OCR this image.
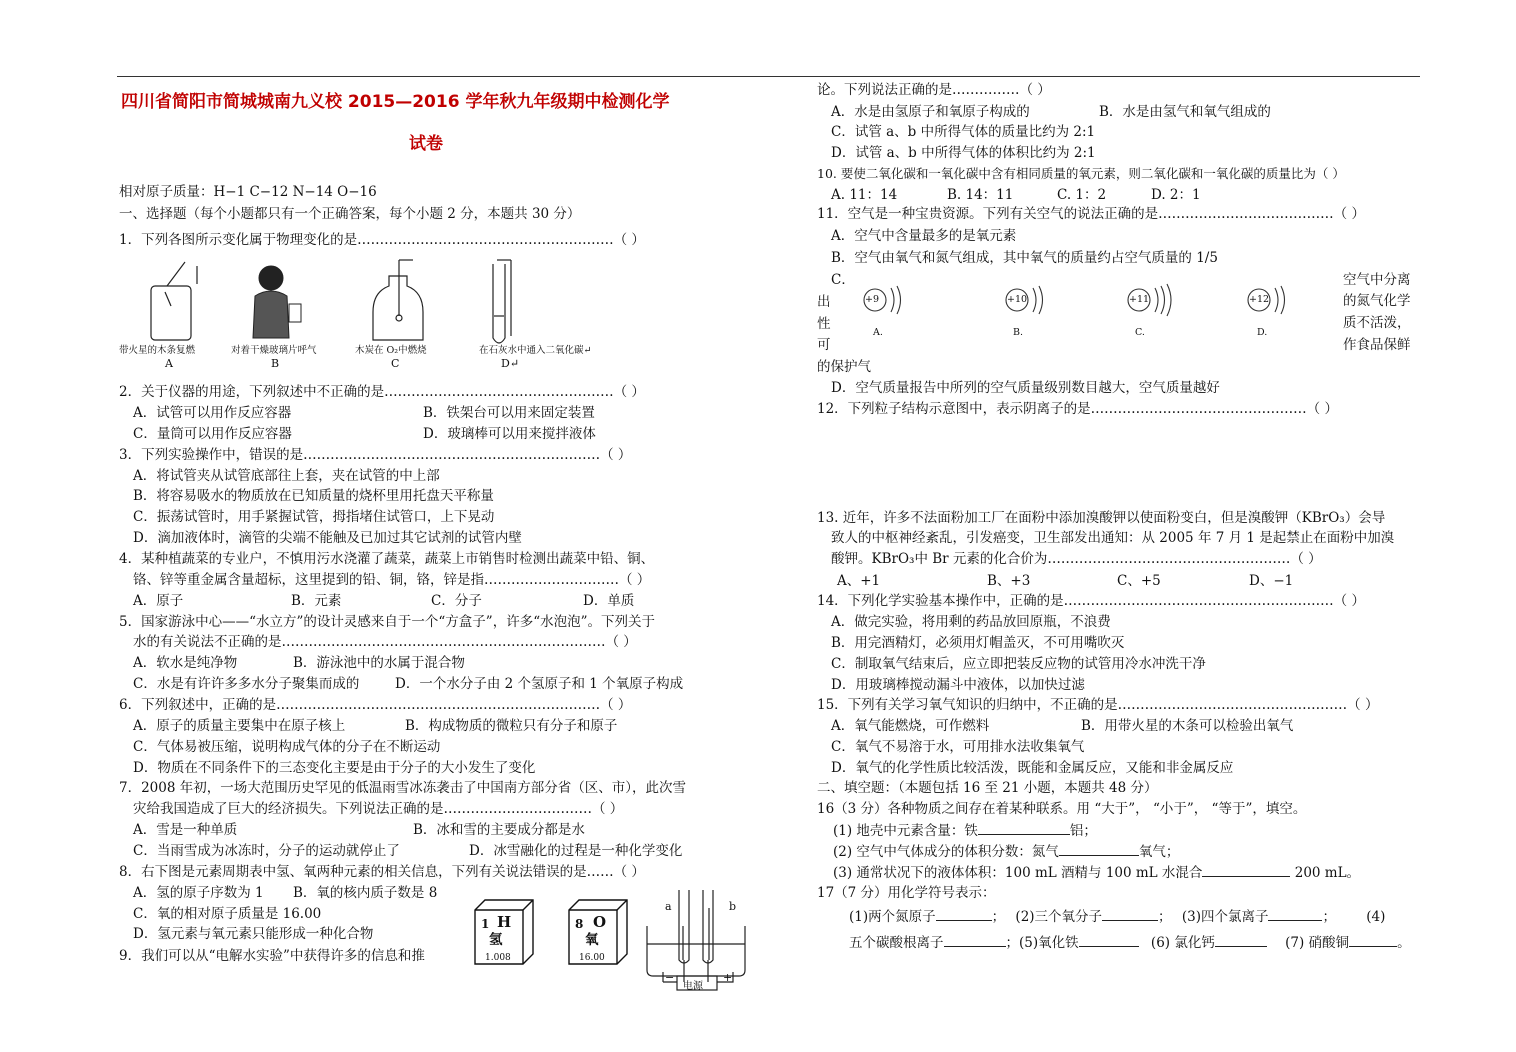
四川省简阳市简城城南九义校 2015—2016 学年秋九年级期中检测化学
试卷
相对原子质量：H−1 C−12 N−14 O−16
一、选择题（每个小题都只有一个正确答案，每个小题 2 分，本题共 30 分）
1．下列各图所示变化属于物理变化的是…………………………………………………（ ）
带火星的木条复燃	对着干燥玻璃片呼气	木炭在 O₂中燃烧	在石灰水中通入二氧化碳↵
A	B	C	D↵
2．关于仪器的用途，下列叙述中不正确的是……………………………………………（ ）
A．试管可以用作反应容器	B．铁架台可以用来固定装置
C．量筒可以用作反应容器	D．玻璃棒可以用来搅拌液体
3．下列实验操作中，错误的是…………………………………………………………（ ）
A．将试管夹从试管底部往上套，夹在试管的中上部
B．将容易吸水的物质放在已知质量的烧杯里用托盘天平称量
C．振荡试管时，用手紧握试管，拇指堵住试管口，上下晃动
D．滴加液体时，滴管的尖端不能触及已加过其它试剂的试管内壁
4．某种植蔬菜的专业户，不慎用污水浇灌了蔬菜，蔬菜上市销售时检测出蔬菜中铅、铜、
铬、锌等重金属含量超标，这里提到的铅、铜，铬，锌是指…………………………（ ）
A．原子	B．元素	C．分子	D．单质
5．国家游泳中心——“水立方”的设计灵感来自于一个“方盒子”，许多“水泡泡”。下列关于
水的有关说法不正确的是………………………………………………………………（ ）
A．软水是纯净物	B．游泳池中的水属于混合物
C．水是有许许多多水分子聚集而成的	D．一个水分子由 2 个氢原子和 1 个氧原子构成
6．下列叙述中，正确的是………………………………………………………………（ ）
A．原子的质量主要集中在原子核上	B．构成物质的微粒只有分子和原子
C．气体易被压缩，说明构成气体的分子在不断运动
D．物质在不同条件下的三态变化主要是由于分子的大小发生了变化
7．2008 年初，一场大范围历史罕见的低温雨雪冰冻袭击了中国南方部分省（区、市），此次雪
灾给我国造成了巨大的经济损失。下列说法正确的是……………………………（ ）
A．雪是一种单质	B．冰和雪的主要成分都是水
C．当雨雪成为冰冻时，分子的运动就停止了	D．冰雪融化的过程是一种化学变化
8．右下图是元素周期表中氢、氧两种元素的相关信息，下列有关说法错误的是……（ ）
A．氢的原子序数为 1 B．氧的核内质子数是 8
C．氧的相对原子质量是 16.00
D．氢元素与氧元素只能形成一种化合物
9．我们可以从“电解水实验”中获得许多的信息和推
1 H
氢
1.008
8 O
氧
16.00
a	b
电源
−	+
论。下列说法正确的是……………（ ）
A．水是由氢原子和氧原子构成的	B．水是由氢气和氧气组成的
C．试管 a、b 中所得气体的质量比约为 2:1
D．试管 a、b 中所得气体的体积比约为 2:1
10. 要使二氧化碳和一氧化碳中含有相同质量的氧元素，则二氧化碳和一氧化碳的质量比为（ ）
A. 11：14	B. 14：11	C. 1：2	D. 2：1
11．空气是一种宝贵资源。下列有关空气的说法正确的是…………………………………（ ）
A．空气中含量最多的是氧元素
B．空气由氧气和氮气组成，其中氧气的质量约占空气质量的 1/5
C．	空气中分离
的氮气化学
质不活泼，
作食品保鲜
出
性
可
的保护气
+9	+10	+11	+12
A.	B.	C.	D.
D．空气质量报告中所列的空气质量级别数目越大，空气质量越好
12．下列粒子结构示意图中，表示阴离子的是…………………………………………（ ）
13. 近年，许多不法面粉加工厂在面粉中添加溴酸钾以使面粉变白，但是溴酸钾（KBrO₃）会导
致人的中枢神经紊乱，引发癌变，卫生部发出通知：从 2005 年 7 月 1 是起禁止在面粉中加溴
酸钾。KBrO₃中 Br 元素的化合价为………………………………………………（ ）
A、+1	B、+3	C、+5	D、−1
14．下列化学实验基本操作中，正确的是……………………………………………………（ ）
A．做完实验，将用剩的药品放回原瓶，不浪费
B．用完酒精灯，必须用灯帽盖灭，不可用嘴吹灭
C．制取氧气结束后，应立即把装反应物的试管用冷水冲洗干净
D．用玻璃棒搅动漏斗中液体，以加快过滤
15．下列有关学习氧气知识的归纳中，不正确的是……………………………………………（ ）
A．氧气能燃烧，可作燃料	B．用带火星的木条可以检验出氧气
C．氧气不易溶于水，可用排水法收集氧气
D．氧气的化学性质比较活泼，既能和金属反应，又能和非金属反应
二、填空题：（本题包括 16 至 21 小题，本题共 48 分）
16（3 分）各种物质之间存在着某种联系。用 “大于”， “小于”， “等于”，填空。
(1) 地壳中元素含量：铁	铝；
(2) 空气中气体成分的体积分数：氮气	氧气；
(3) 通常状况下的液体体积：100 mL 酒精与 100 mL 水混合	200 mL。
17（7 分）用化学符号表示：
(1)两个氮原子	； (2)三个氧分子	； (3)四个氯离子	； (4)
五个碳酸根离子	；(5)氧化铁	(6) 氯化钙	(7) 硝酸铜	。
